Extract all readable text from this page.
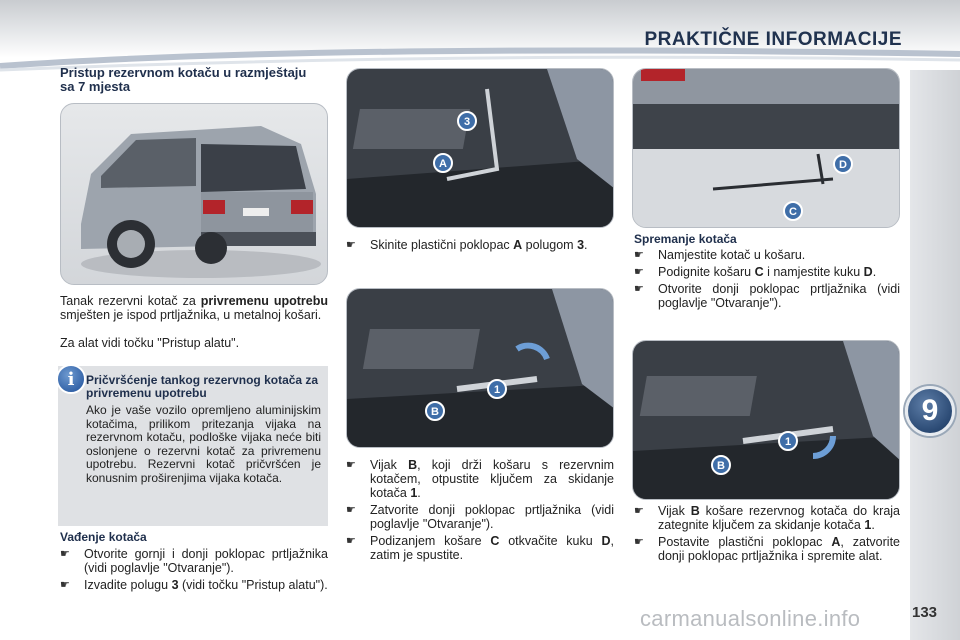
PRAKTIČNE INFORMACIJE
9
133
Pristup rezervnom kotaču u razmještaju sa 7 mjesta

Tanak rezervni kotač za privremenu upotrebu smješten je ispod prtljažnika, u metalnoj košari.

Za alat vidi točku "Pristup alatu".

i Pričvršćenje tankog rezervnog kotača za privremenu upotrebu
Ako je vaše vozilo opremljeno aluminijskim kotačima, prilikom pritezanja vijaka na rezervnom kotaču, podloške vijaka neće biti oslonjene o rezervni kotač za privremenu upotrebu. Rezervni kotač pričvršćen je konusnim proširenjima vijaka kotača.
Vađenje kotača
☛ Otvorite gornji i donji poklopac prtljažnika (vidi poglavlje "Otvaranje").
☛ Izvadite polugu 3 (vidi točku "Pristup alatu").
3
A
☛ Skinite plastični poklopac A polugom 3.
1
B
☛ Vijak B, koji drži košaru s rezervnim kotačem, otpustite ključem za skidanje kotača 1.
☛ Zatvorite donji poklopac prtljažnika (vidi poglavlje "Otvaranje").
☛ Podizanjem košare C otkvačite kuku D, zatim je spustite.
D
C
Spremanje kotača
☛ Namjestite kotač u košaru.
☛ Podignite košaru C i namjestite kuku D.
☛ Otvorite donji poklopac prtljažnika (vidi poglavlje "Otvaranje").
1
B
☛ Vijak B košare rezervnog kotača do kraja zategnite ključem za skidanje kotača 1.
☛ Postavite plastični poklopac A, zatvorite donji poklopac prtljažnika i spremite alat.
carmanualsonline.info
